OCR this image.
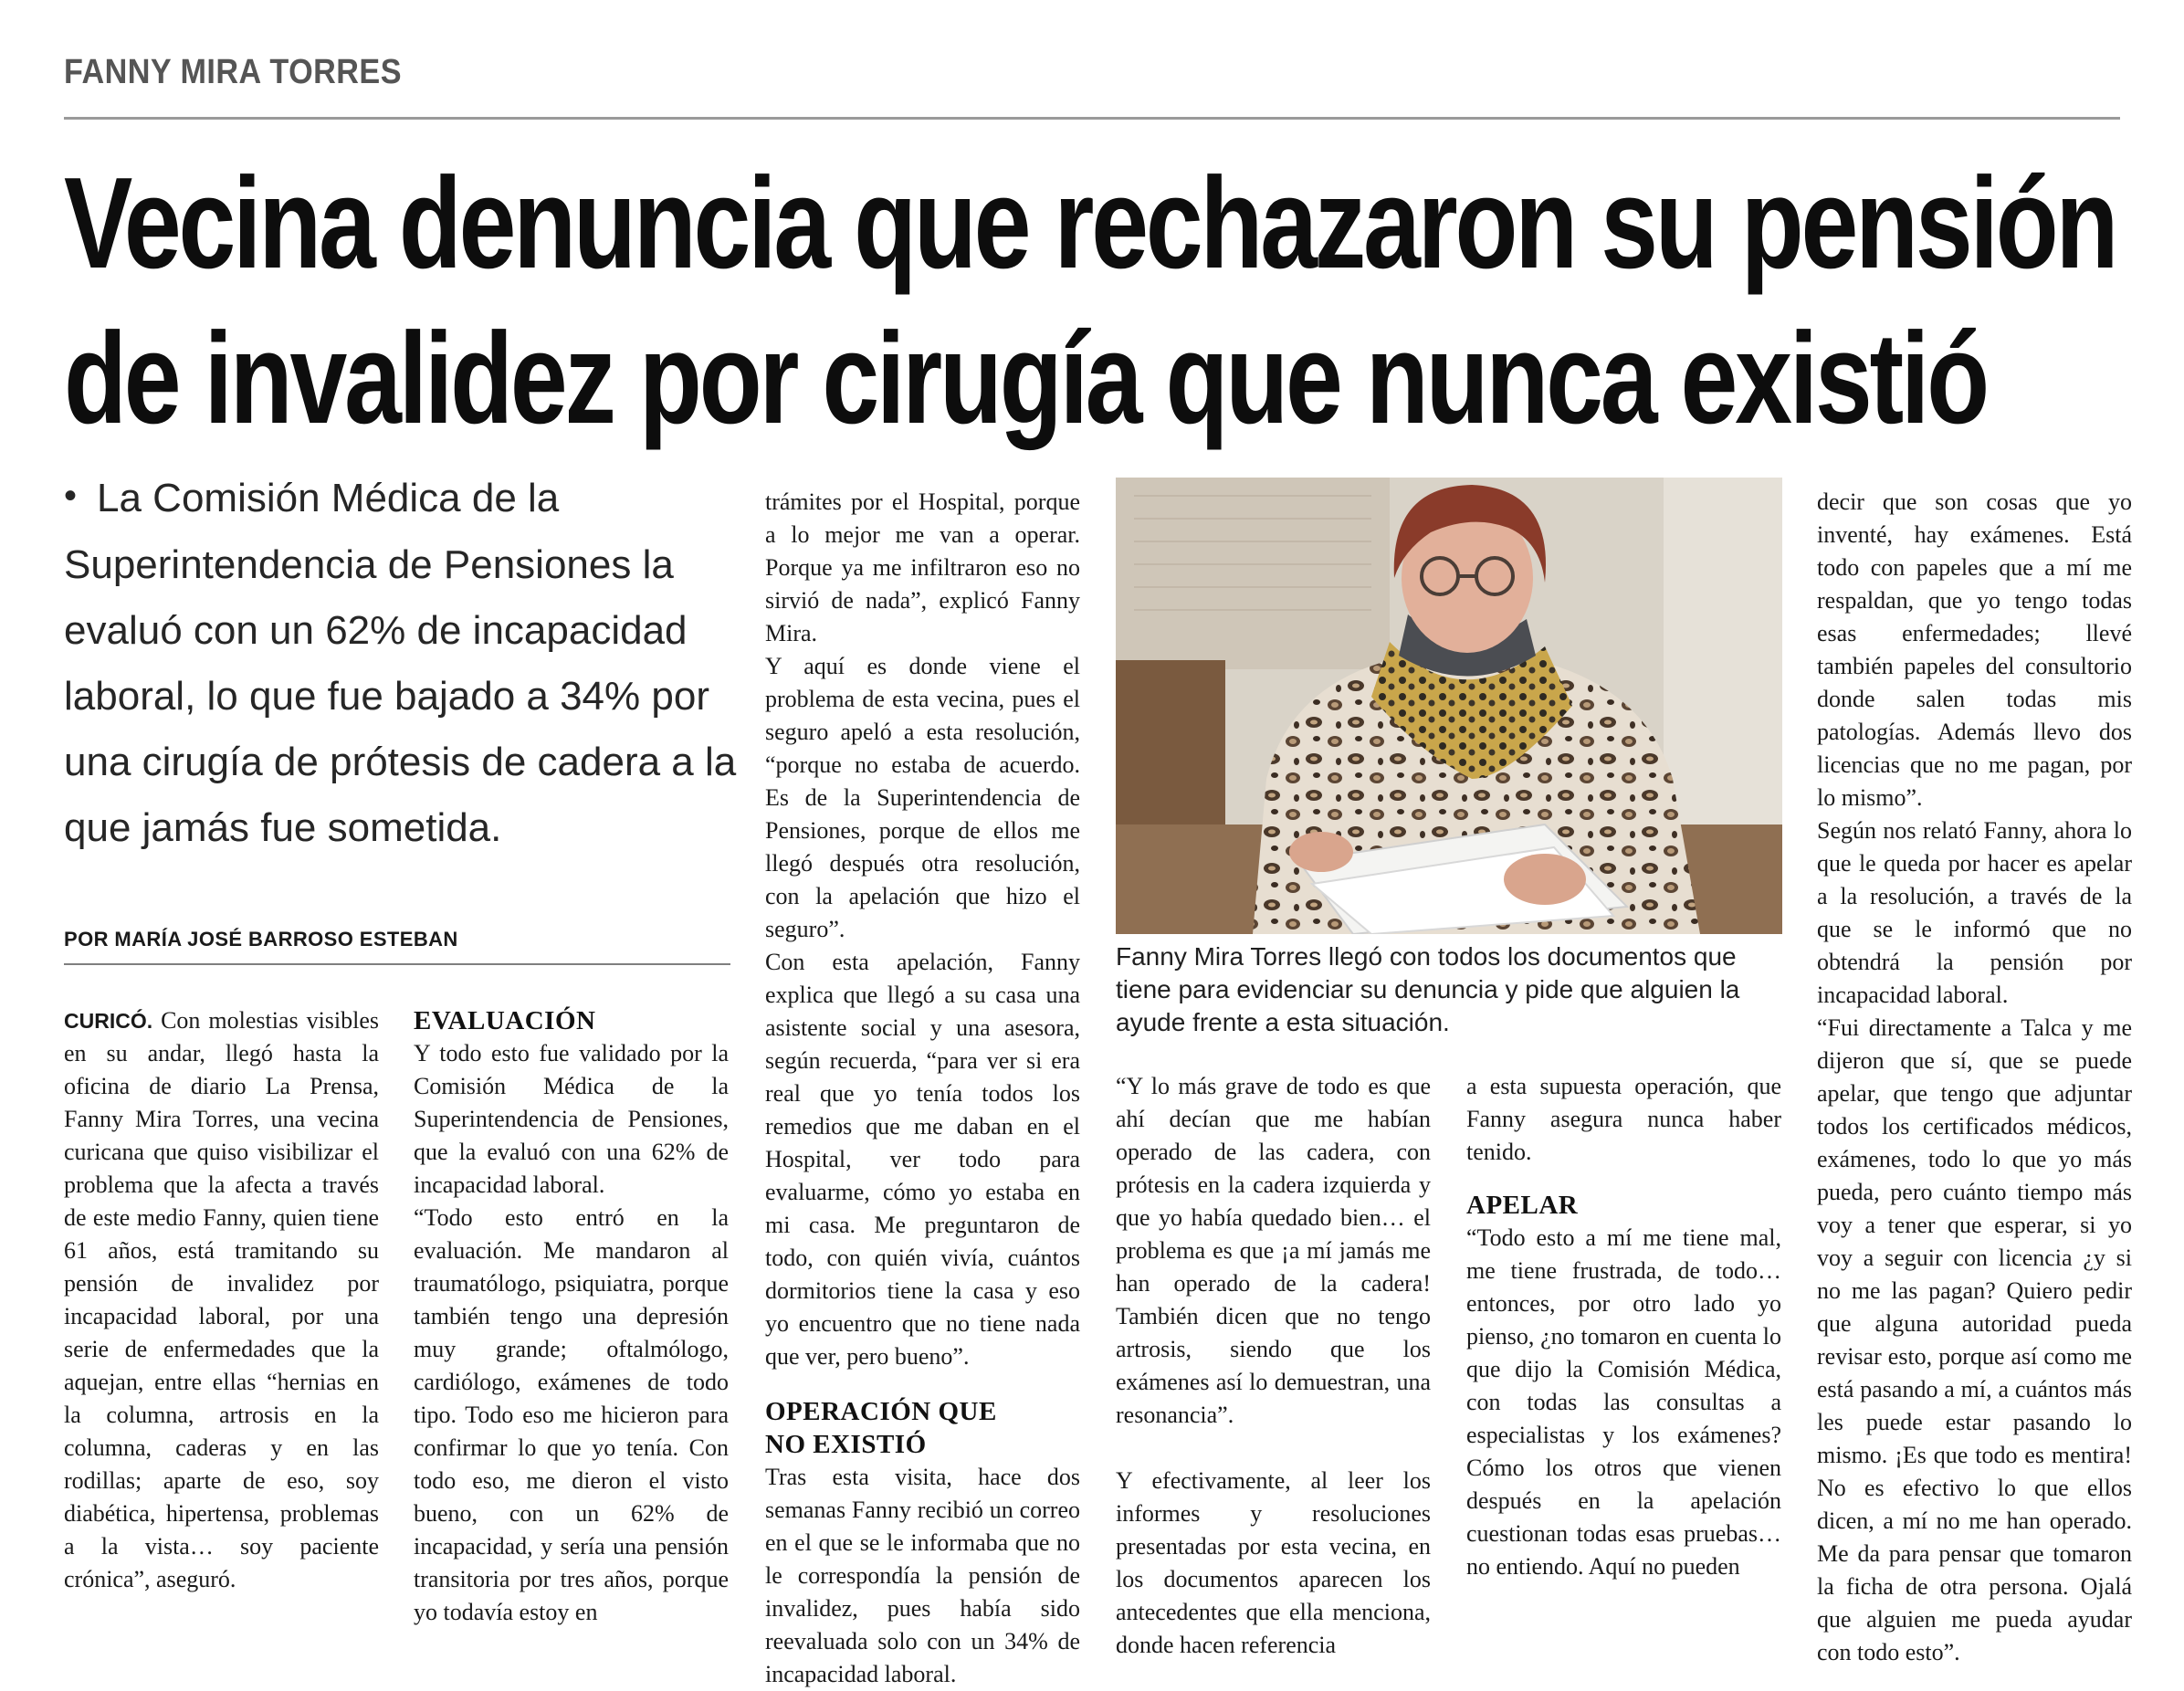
FANNY MIRA TORRES
Vecina denuncia que rechazaron su pensión
de invalidez por cirugía que nunca existió
• La Comisión Médica de la Superintendencia de Pensiones la evaluó con un 62% de incapacidad laboral, lo que fue bajado a 34% por una cirugía de prótesis de cadera a la que jamás fue sometida.
POR MARÍA JOSÉ BARROSO ESTEBAN

CURICÓ. Con molestias visibles en su andar, llegó hasta la oficina de diario La Prensa, Fanny Mira Torres, una vecina curicana que quiso visibilizar el problema que la afecta a través de este medio Fanny, quien tiene 61 años, está tramitando su pensión de invalidez por incapacidad laboral, por una serie de enfermedades que la aquejan, entre ellas “hernias en la columna, artrosis en la columna, caderas y en las rodillas; aparte de eso, soy diabética, hipertensa, problemas a la vista… soy paciente crónica”, aseguró.

EVALUACIÓN

Y todo esto fue validado por la Comisión Médica de la Superintendencia de Pensiones, que la evaluó con una 62% de incapacidad laboral.

“Todo esto entró en la evaluación. Me mandaron al traumatólogo, psiquiatra, porque también tengo una depresión muy grande; oftalmólogo, cardiólogo, exámenes de todo tipo. Todo eso me hicieron para confirmar lo que yo tenía. Con todo eso, me dieron el visto bueno, con un 62% de incapacidad, y sería una pensión transitoria por tres años, porque yo todavía estoy en

trámites por el Hospital, porque a lo mejor me van a operar. Porque ya me infiltraron eso no sirvió de nada”, explicó Fanny Mira.

Y aquí es donde viene el problema de esta vecina, pues el seguro apeló a esta resolución, “porque no estaba de acuerdo. Es de la Superintendencia de Pensiones, porque de ellos me llegó después otra resolución, con la apelación que hizo el seguro”.

Con esta apelación, Fanny explica que llegó a su casa una asistente social y una asesora, según recuerda, “para ver si era real que yo tenía todos los remedios que me daban en el Hospital, ver todo para evaluarme, cómo yo estaba en mi casa. Me preguntaron de todo, con quién vivía, cuántos dormitorios tiene la casa y eso yo encuentro que no tiene nada que ver, pero bueno”.

OPERACIÓN QUE
NO EXISTIÓ

Tras esta visita, hace dos semanas Fanny recibió un correo en el que se le informaba que no le correspondía la pensión de invalidez, pues había sido reevaluada solo con un 34% de incapacidad laboral.

Fanny Mira Torres llegó con todos los documentos que tiene para evidenciar su denuncia y pide que alguien la ayude frente a esta situación.

“Y lo más grave de todo es que ahí decían que me habían operado de las cadera, con prótesis en la cadera izquierda y que yo había quedado bien… el problema es que ¡a mí jamás me han operado de la cadera! También dicen que no tengo artrosis, siendo que los exámenes así lo demuestran, una resonancia”.

Y efectivamente, al leer los informes y resoluciones presentadas por esta vecina, en los documentos aparecen los antecedentes que ella menciona, donde hacen referencia

a esta supuesta operación, que Fanny asegura nunca haber tenido.

APELAR

“Todo esto a mí me tiene mal, me tiene frustrada, de todo… entonces, por otro lado yo pienso, ¿no tomaron en cuenta lo que dijo la Comisión Médica, con todas las consultas a especialistas y los exámenes? Cómo los otros que vienen después en la apelación cuestionan todas esas pruebas… no entiendo. Aquí no pueden

decir que son cosas que yo inventé, hay exámenes. Está todo con papeles que a mí me respaldan, que yo tengo todas esas enfermedades; llevé también papeles del consultorio donde salen todas mis patologías. Además llevo dos licencias que no me pagan, por lo mismo”.

Según nos relató Fanny, ahora lo que le queda por hacer es apelar a la resolución, a través de la que se le informó que no obtendrá la pensión por incapacidad laboral.

“Fui directamente a Talca y me dijeron que sí, que se puede apelar, que tengo que adjuntar todos los certificados médicos, exámenes, todo lo que yo más pueda, pero cuánto tiempo más voy a tener que esperar, si yo voy a seguir con licencia ¿y si no me las pagan? Quiero pedir que alguna autoridad pueda revisar esto, porque así como me está pasando a mí, a cuántos más les puede estar pasando lo mismo. ¡Es que todo es mentira! No es efectivo lo que ellos dicen, a mí no me han operado. Me da para pensar que tomaron la ficha de otra persona. Ojalá que alguien me pueda ayudar con todo esto”.
